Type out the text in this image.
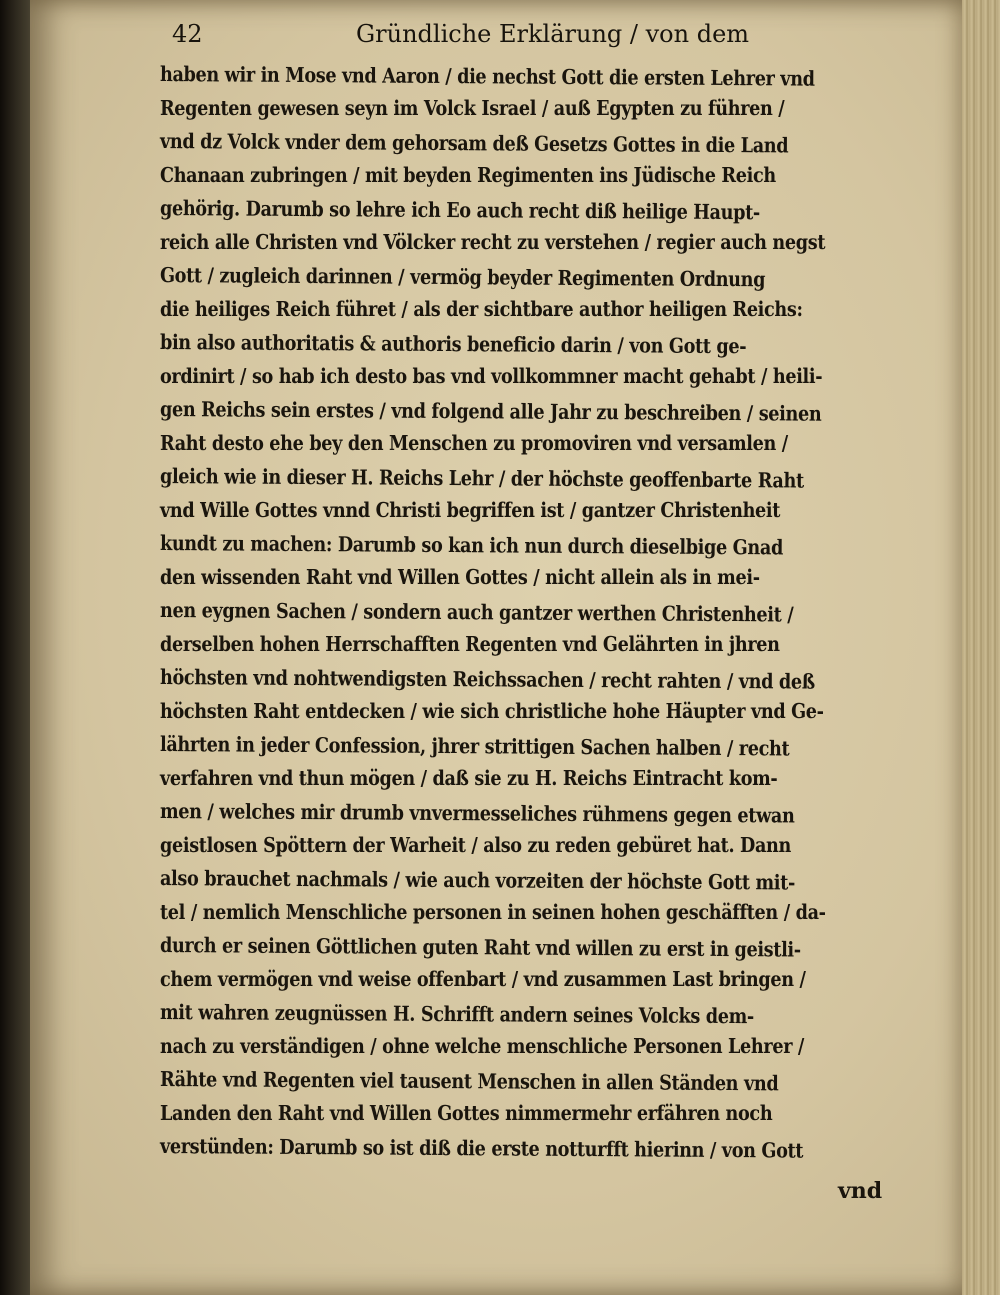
42	Gründliche Erklärung / von dem
haben wir in Mose vnd Aaron / die nechst Gott die ersten Lehrer vnd
Regenten gewesen seyn im Volck Israel / auß Egypten zu führen /
vnd dz Volck vnder dem gehorsam deß Gesetzs Gottes in die Land
Chanaan zubringen / mit beyden Regimenten ins Jüdische Reich
gehörig. Darumb so lehre ich Eo auch recht diß heilige Haupt-
reich alle Christen vnd Völcker recht zu verstehen / regier auch negst
Gott / zugleich darinnen / vermög beyder Regimenten Ordnung
die heiliges Reich führet / als der sichtbare author heiligen Reichs:
bin also authoritatis & authoris beneficio darin / von Gott ge-
ordinirt / so hab ich desto bas vnd vollkommner macht gehabt / heili-
gen Reichs sein erstes / vnd folgend alle Jahr zu beschreiben / seinen
Raht desto ehe bey den Menschen zu promoviren vnd versamlen /
gleich wie in dieser H. Reichs Lehr / der höchste geoffenbarte Raht
vnd Wille Gottes vnnd Christi begriffen ist / gantzer Christenheit
kundt zu machen: Darumb so kan ich nun durch dieselbige Gnad
den wissenden Raht vnd Willen Gottes / nicht allein als in mei-
nen eygnen Sachen / sondern auch gantzer werthen Christenheit /
derselben hohen Herrschafften Regenten vnd Gelährten in jhren
höchsten vnd nohtwendigsten Reichssachen / recht rahten / vnd deß
höchsten Raht entdecken / wie sich christliche hohe Häupter vnd Ge-
lährten in jeder Confession, jhrer strittigen Sachen halben / recht
verfahren vnd thun mögen / daß sie zu H. Reichs Eintracht kom-
men / welches mir drumb vnvermesseliches rühmens gegen etwan
geistlosen Spöttern der Warheit / also zu reden gebüret hat. Dann
also brauchet nachmals / wie auch vorzeiten der höchste Gott mit-
tel / nemlich Menschliche personen in seinen hohen geschäfften / da-
durch er seinen Göttlichen guten Raht vnd willen zu erst in geistli-
chem vermögen vnd weise offenbart / vnd zusammen Last bringen /
mit wahren zeugnüssen H. Schrifft andern seines Volcks dem-
nach zu verständigen / ohne welche menschliche Personen Lehrer /
Rähte vnd Regenten viel tausent Menschen in allen Ständen vnd
Landen den Raht vnd Willen Gottes nimmermehr erfähren noch
verstünden: Darumb so ist diß die erste notturfft hierinn / von Gott
vnd
